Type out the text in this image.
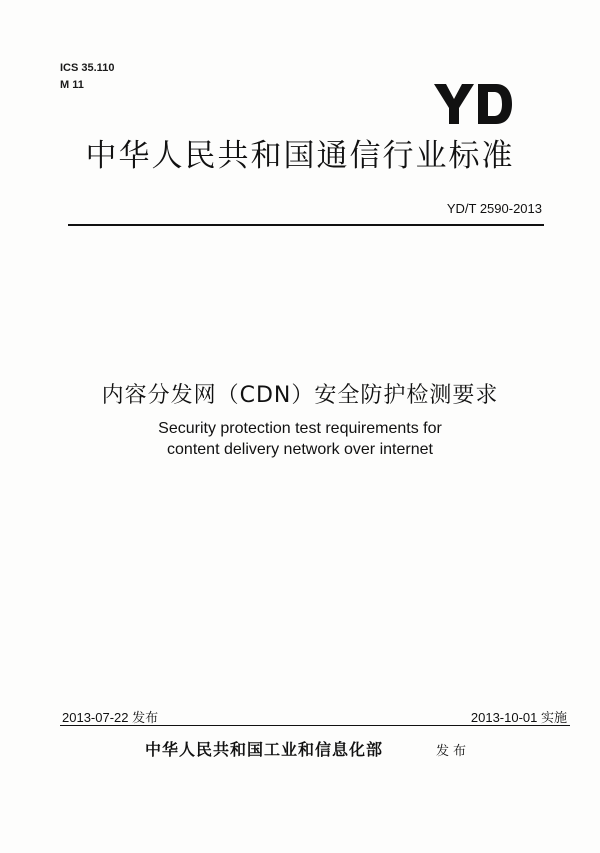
ICS 35.110
M 11
中华人民共和国通信行业标准
YD/T 2590-2013
内容分发网（CDN）安全防护检测要求
Security protection test requirements for
content delivery network over internet
2013-07-22 发布	2013-10-01 实施
中华人民共和国工业和信息化部	发布
